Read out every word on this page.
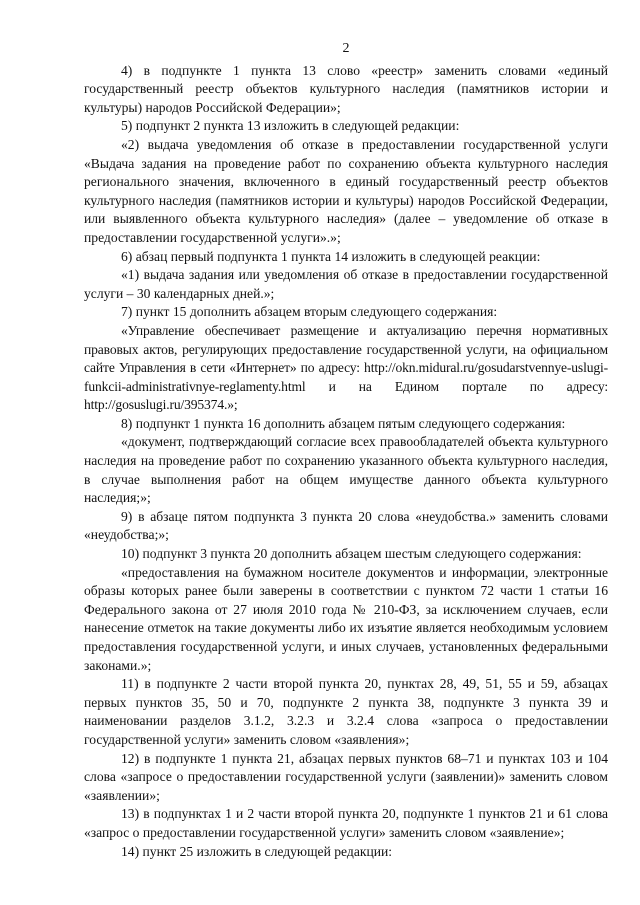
2

4) в подпункте 1 пункта 13 слово «реестр» заменить словами «единый государственный реестр объектов культурного наследия (памятников истории и культуры) народов Российской Федерации»;

5) подпункт 2 пункта 13 изложить в следующей редакции:

«2) выдача уведомления об отказе в предоставлении государственной услуги «Выдача задания на проведение работ по сохранению объекта культурного наследия регионального значения, включенного в единый государственный реестр объектов культурного наследия (памятников истории и культуры) народов Российской Федерации, или выявленного объекта культурного наследия» (далее – уведомление об отказе в предоставлении государственной услуги».»;

6) абзац первый подпункта 1 пункта 14 изложить в следующей реакции:

«1) выдача задания или уведомления об отказе в предоставлении государственной услуги – 30 календарных дней.»;

7) пункт 15 дополнить абзацем вторым следующего содержания:

«Управление обеспечивает размещение и актуализацию перечня нормативных правовых актов, регулирующих предоставление государственной услуги, на официальном сайте Управления в сети «Интернет» по адресу: http://okn.midural.ru/gosudarstvennye-uslugi-funkcii-administrativnye-reglamenty.html и на Едином портале по адресу: http://gosuslugi.ru/395374.»;

8) подпункт 1 пункта 16 дополнить абзацем пятым следующего содержания:

«документ, подтверждающий согласие всех правообладателей объекта культурного наследия на проведение работ по сохранению указанного объекта культурного наследия, в случае выполнения работ на общем имуществе данного объекта культурного наследия;»;

9) в абзаце пятом подпункта 3 пункта 20 слова «неудобства.» заменить словами «неудобства;»;

10) подпункт 3 пункта 20 дополнить абзацем шестым следующего содержания:

«предоставления на бумажном носителе документов и информации, электронные образы которых ранее были заверены в соответствии с пунктом 72 части 1 статьи 16 Федерального закона от 27 июля 2010 года № 210-ФЗ, за исключением случаев, если нанесение отметок на такие документы либо их изъятие является необходимым условием предоставления государственной услуги, и иных случаев, установленных федеральными законами.»;

11) в подпункте 2 части второй пункта 20, пунктах 28, 49, 51, 55 и 59, абзацах первых пунктов 35, 50 и 70, подпункте 2 пункта 38, подпункте 3 пункта 39 и наименовании разделов 3.1.2, 3.2.3 и 3.2.4 слова «запроса о предоставлении государственной услуги» заменить словом «заявления»;

12) в подпункте 1 пункта 21, абзацах первых пунктов 68–71 и пунктах 103 и 104 слова «запросе о предоставлении государственной услуги (заявлении)» заменить словом «заявлении»;

13) в подпунктах 1 и 2 части второй пункта 20, подпункте 1 пунктов 21 и 61 слова «запрос о предоставлении государственной услуги» заменить словом «заявление»;

14) пункт 25 изложить в следующей редакции:
